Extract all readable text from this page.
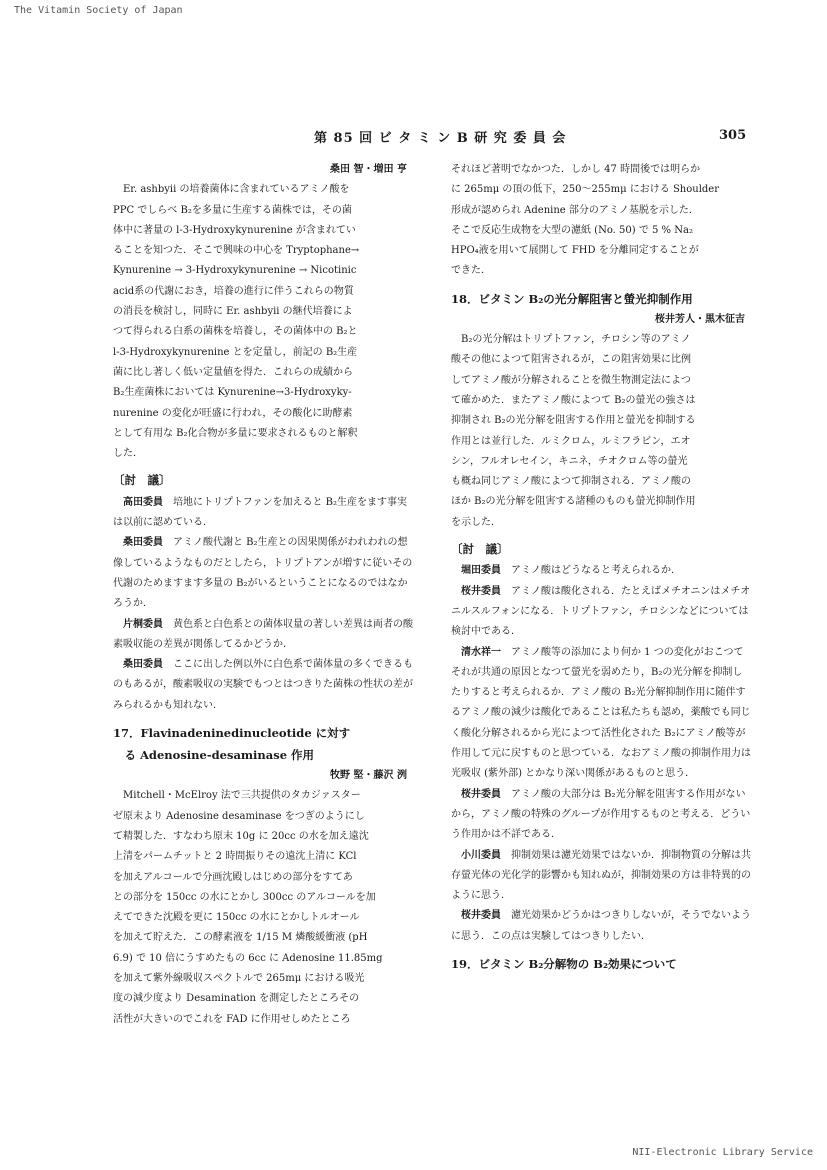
The Vitamin Society of Japan
第 85 回 ビ タ ミ ン B 研 究 委 員 会	305
桑田 智・増田 亨

Er. ashbyii の培養菌体に含まれているアミノ酸を

PPC でしらべ B₂を多量に生産する菌株では，その菌

体中に著量の l-3-Hydroxykynurenine が含まれてい

ることを知つた．そこで興味の中心を Tryptophane→

Kynurenine → 3-Hydroxykynurenine → Nicotinic

acid系の代謝におき，培養の進行に伴うこれらの物質

の消長を検討し，同時に Er. ashbyii の継代培養によ

つて得られる白系の菌株を培養し，その菌体中の B₂と

l-3-Hydroxykynurenine とを定量し，前記の B₂生産

菌に比し著しく低い定量値を得た．これらの成績から

B₂生産菌株においては Kynurenine→3-Hydroxyky-

nurenine の変化が旺盛に行われ，その酸化に助酵素

として有用な B₂化合物が多量に要求されるものと解釈

した．

〔討　議〕

高田委員　培地にトリプトファンを加えると B₂生産をます事実は以前に認めている．

桑田委員　アミノ酸代謝と B₂生産との因果関係がわれわれの想像しているようなものだとしたら，トリプトアンが増すに従いその代謝のためますます多量の B₂がいるということになるのではなかろうか．

片桐委員　黄色系と白色系との菌体収量の著しい差異は両者の酸素吸収能の差異が関係してるかどうか．

桑田委員　ここに出した例以外に白色系で菌体量の多くできるものもあるが，酸素吸収の実験でもつとはつきりた菌株の性状の差がみられるかも知れない．

17．Flavinadeninedinucleotide に対す
る Adenosine-desaminase 作用
牧野 堅・藤沢 洌

Mitchell・McElroy 法で三共提供のタカジァスター

ゼ原末より Adenosine desaminase をつぎのようにし

て精製した．すなわち原末 10g に 20cc の水を加え遠沈

上清をパームチットと 2 時間振りその遠沈上清に KCl

を加えアルコールで分画沈殿しはじめの部分をすてあ

との部分を 150cc の水にとかし 300cc のアルコールを加

えてできた沈殿を更に 150cc の水にとかしトルオール

を加えて貯えた．この酵素液を 1/15 M 燐酸緩衝液 (pH

6.9) で 10 倍にうすめたもの 6cc に Adenosine 11.85mg

を加えて紫外線吸収スペクトルで 265mμ における吸光

度の減少度より Desamination を測定したところその

活性が大きいのでこれを FAD に作用せしめたところ

それほど著明でなかつた．しかし 47 時間後では明らか

に 265mμ の頂の低下，250〜255mμ における Shoulder

形成が認められ Adenine 部分のアミノ基脱を示した．

そこで反応生成物を大型の濾紙 (No. 50) で 5 % Na₂

HPO₄液を用いて展開して FHD を分離同定することが

できた．

18．ビタミン B₂の光分解阻害と螢光抑制作用
桜井芳人・黒木征吉

B₂の光分解はトリプトファン，チロシン等のアミノ

酸その他によつて阻害されるが，この阻害効果に比例

してアミノ酸が分解されることを微生物測定法によつ

て確かめた．またアミノ酸によつて B₂の螢光の強さは

抑制され B₂の光分解を阻害する作用と螢光を抑制する

作用とは並行した．ルミクロム，ルミフラビン，エオ

シン，フルオレセイン，キニネ，チオクロム等の螢光

も概ね同じアミノ酸によつて抑制される．アミノ酸の

ほか B₂の光分解を阻害する諸種のものも螢光抑制作用

を示した．

〔討　議〕

堀田委員　アミノ酸はどうなると考えられるか．

桜井委員　アミノ酸は酸化される．たとえばメチオニンはメチオニルスルフォンになる．トリプトファン，チロシンなどについては検討中である．

清水祥一　アミノ酸等の添加により何か 1 つの変化がおこつてそれが共通の原因となつて螢光を弱めたり，B₂の光分解を抑制したりすると考えられるか．アミノ酸の B₂光分解抑制作用に随伴するアミノ酸の減少は酸化であることは私たちも認め，薬酸でも同じく酸化分解されるから光によつて活性化された B₂にアミノ酸等が作用して元に戻すものと思つている．なおアミノ酸の抑制作用力は光吸収 (紫外部) とかなり深い関係があるものと思う．

桜井委員　アミノ酸の大部分は B₂光分解を阻害する作用がないから，アミノ酸の特殊のグループが作用するものと考える．どういう作用かは不詳である．

小川委員　抑制効果は濾光効果ではないか．抑制物質の分解は共存螢光体の光化学的影響かも知れぬが，抑制効果の方は非特異的のように思う．

桜井委員　濾光効果かどうかはつきりしないが，そうでないように思う．この点は実験してはつきりしたい．

19．ビタミン B₂分解物の B₂効果について
NII-Electronic Library Service
